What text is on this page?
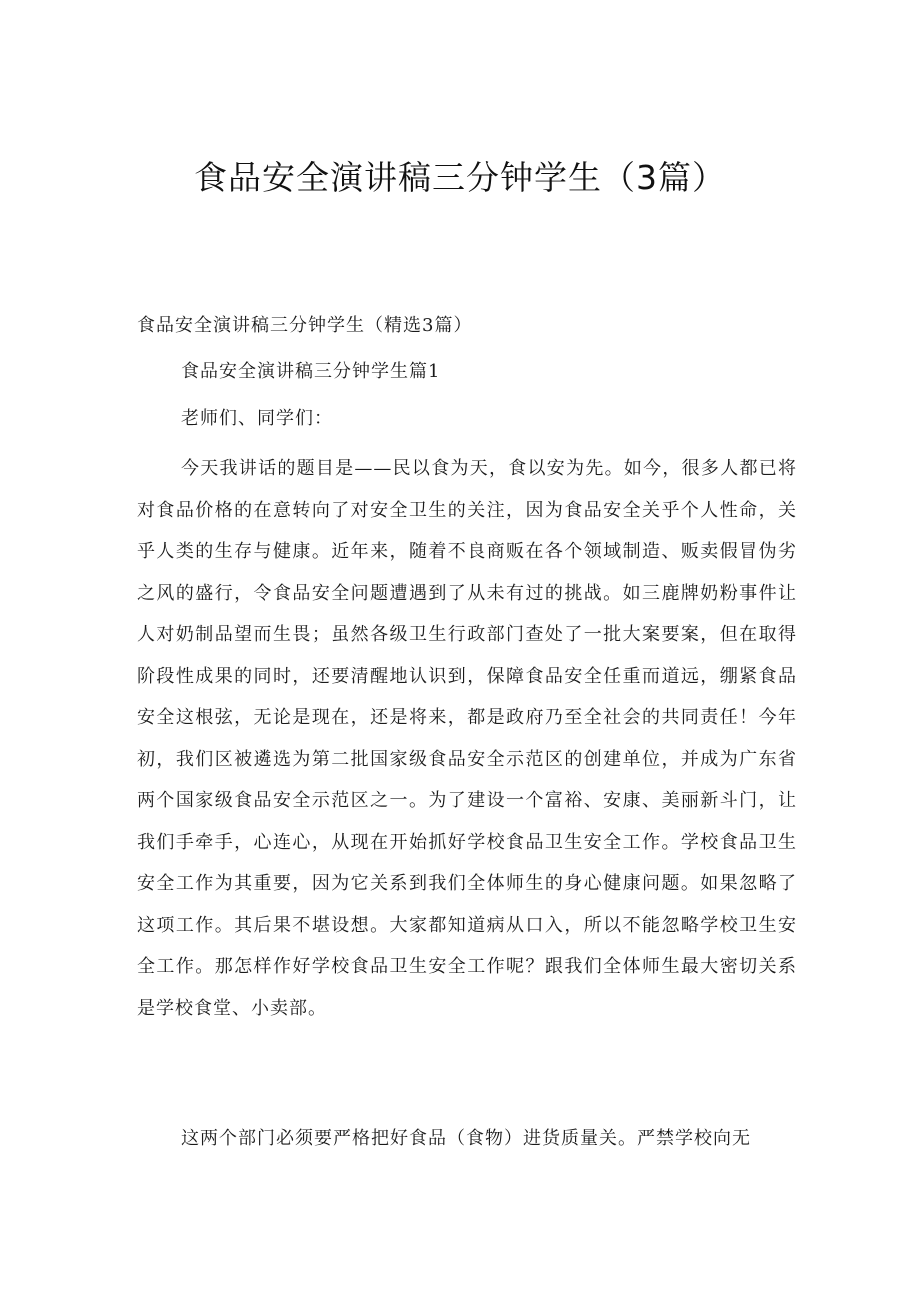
食品安全演讲稿三分钟学生（3篇）
食品安全演讲稿三分钟学生（精选3篇）
食品安全演讲稿三分钟学生篇1
老师们、同学们：

今天我讲话的题目是——民以食为天，食以安为先。如今，很多人都已将对食品价格的在意转向了对安全卫生的关注，因为食品安全关乎个人性命，关乎人类的生存与健康。近年来，随着不良商贩在各个领域制造、贩卖假冒伪劣之风的盛行，令食品安全问题遭遇到了从未有过的挑战。如三鹿牌奶粉事件让人对奶制品望而生畏；虽然各级卫生行政部门查处了一批大案要案，但在取得阶段性成果的同时，还要清醒地认识到，保障食品安全任重而道远，绷紧食品安全这根弦，无论是现在，还是将来，都是政府乃至全社会的共同责任！今年初，我们区被遴选为第二批国家级食品安全示范区的创建单位，并成为广东省两个国家级食品安全示范区之一。为了建设一个富裕、安康、美丽新斗门，让我们手牵手，心连心，从现在开始抓好学校食品卫生安全工作。学校食品卫生安全工作为其重要，因为它关系到我们全体师生的身心健康问题。如果忽略了这项工作。其后果不堪设想。大家都知道病从口入，所以不能忽略学校卫生安全工作。那怎样作好学校食品卫生安全工作呢？跟我们全体师生最大密切关系是学校食堂、小卖部。

这两个部门必须要严格把好食品（食物）进货质量关。严禁学校向无
